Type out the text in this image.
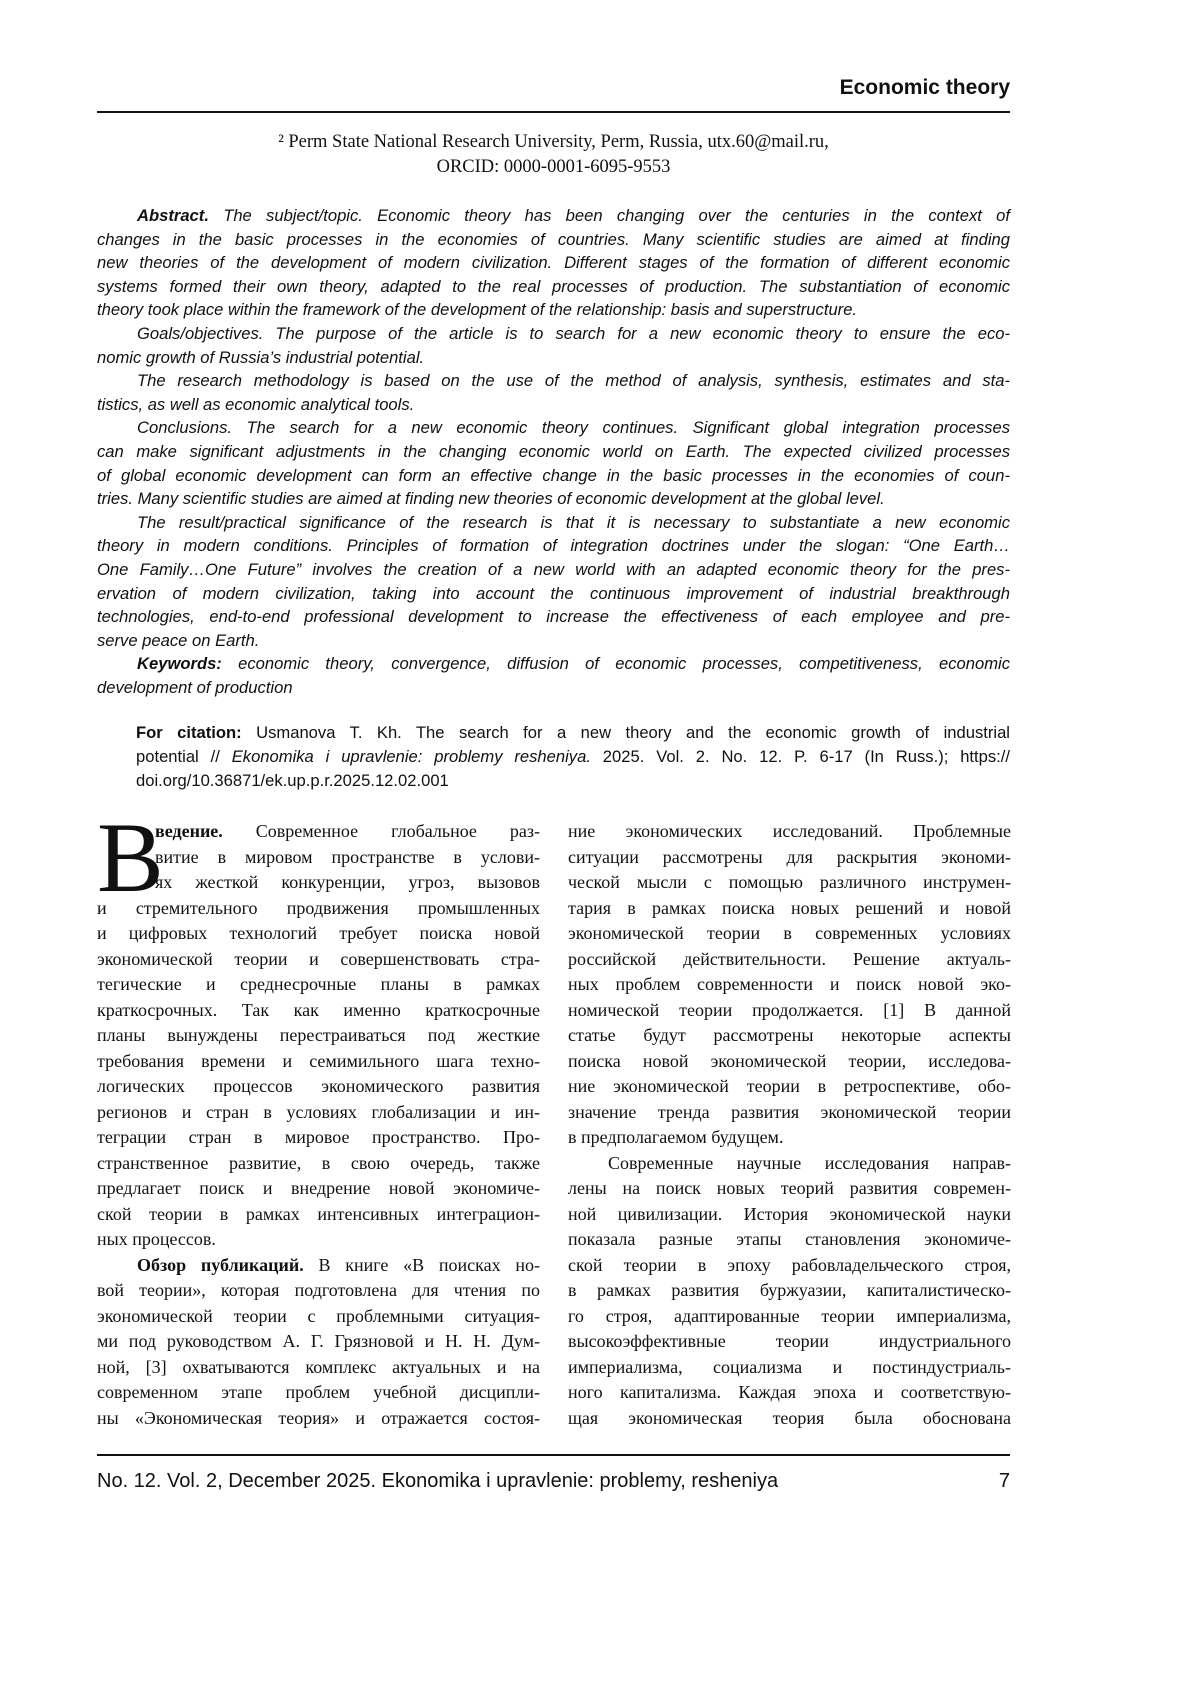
Economic theory
² Perm State National Research University, Perm, Russia, utx.60@mail.ru,
ORCID: 0000-0001-6095-9553
Abstract. The subject/topic. Economic theory has been changing over the centuries in the context of
changes in the basic processes in the economies of countries. Many scientific studies are aimed at finding
new theories of the development of modern civilization. Different stages of the formation of different economic
systems formed their own theory, adapted to the real processes of production. The substantiation of economic
theory took place within the framework of the development of the relationship: basis and superstructure.
Goals/objectives. The purpose of the article is to search for a new economic theory to ensure the eco-
nomic growth of Russia’s industrial potential.
The research methodology is based on the use of the method of analysis, synthesis, estimates and sta-
tistics, as well as economic analytical tools.
Conclusions. The search for a new economic theory continues. Significant global integration processes
can make significant adjustments in the changing economic world on Earth. The expected civilized processes
of global economic development can form an effective change in the basic processes in the economies of coun-
tries. Many scientific studies are aimed at finding new theories of economic development at the global level.
The result/practical significance of the research is that it is necessary to substantiate a new economic
theory in modern conditions. Principles of formation of integration doctrines under the slogan: “One Earth…
One Family…One Future” involves the creation of a new world with an adapted economic theory for the pres-
ervation of modern civilization, taking into account the continuous improvement of industrial breakthrough
technologies, end-to-end professional development to increase the effectiveness of each employee and pre-
serve peace on Earth.
Keywords: economic theory, convergence, diffusion of economic processes, competitiveness, economic
development of production
For citation: Usmanova T. Kh. The search for a new theory and the economic growth of industrial
potential // Ekonomika i upravlenie: problemy resheniya. 2025. Vol. 2. No. 12. P. 6-17 (In Russ.); https://
doi.org/10.36871/ek.up.p.r.2025.12.02.001
В
ведение. Современное глобальное раз-
витие в мировом пространстве в услови-
ях жесткой конкуренции, угроз, вызовов
и стремительного продвижения промышленных
и цифровых технологий требует поиска новой
экономической теории и совершенствовать стра-
тегические и среднесрочные планы в рамках
краткосрочных. Так как именно краткосрочные
планы вынуждены перестраиваться под жесткие
требования времени и семимильного шага техно-
логических процессов экономического развития
регионов и стран в условиях глобализации и ин-
теграции стран в мировое пространство. Про-
странственное развитие, в свою очередь, также
предлагает поиск и внедрение новой экономиче-
ской теории в рамках интенсивных интеграцион-
ных процессов.
Обзор публикаций. В книге «В поисках но-
вой теории», которая подготовлена для чтения по
экономической теории с проблемными ситуация-
ми под руководством А. Г. Грязновой и Н. Н. Дум-
ной, [3] охватываются комплекс актуальных и на
современном этапе проблем учебной дисципли-
ны «Экономическая теория» и отражается состоя-
ние экономических исследований. Проблемные
ситуации рассмотрены для раскрытия экономи-
ческой мысли с помощью различного инструмен-
тария в рамках поиска новых решений и новой
экономической теории в современных условиях
российской действительности. Решение актуаль-
ных проблем современности и поиск новой эко-
номической теории продолжается. [1] В данной
статье будут рассмотрены некоторые аспекты
поиска новой экономической теории, исследова-
ние экономической теории в ретроспективе, обо-
значение тренда развития экономической теории
в предполагаемом будущем.
Современные научные исследования направ-
лены на поиск новых теорий развития современ-
ной цивилизации. История экономической науки
показала разные этапы становления экономиче-
ской теории в эпоху рабовладельческого строя,
в рамках развития буржуазии, капиталистическо-
го строя, адаптированные теории империализма,
высокоэффективные теории индустриального
империализма, социализма и постиндустриаль-
ного капитализма. Каждая эпоха и соответствую-
щая экономическая теория была обоснована
No. 12. Vol. 2, December 2025. Ekonomika i upravlenie: problemy, resheniya	7
